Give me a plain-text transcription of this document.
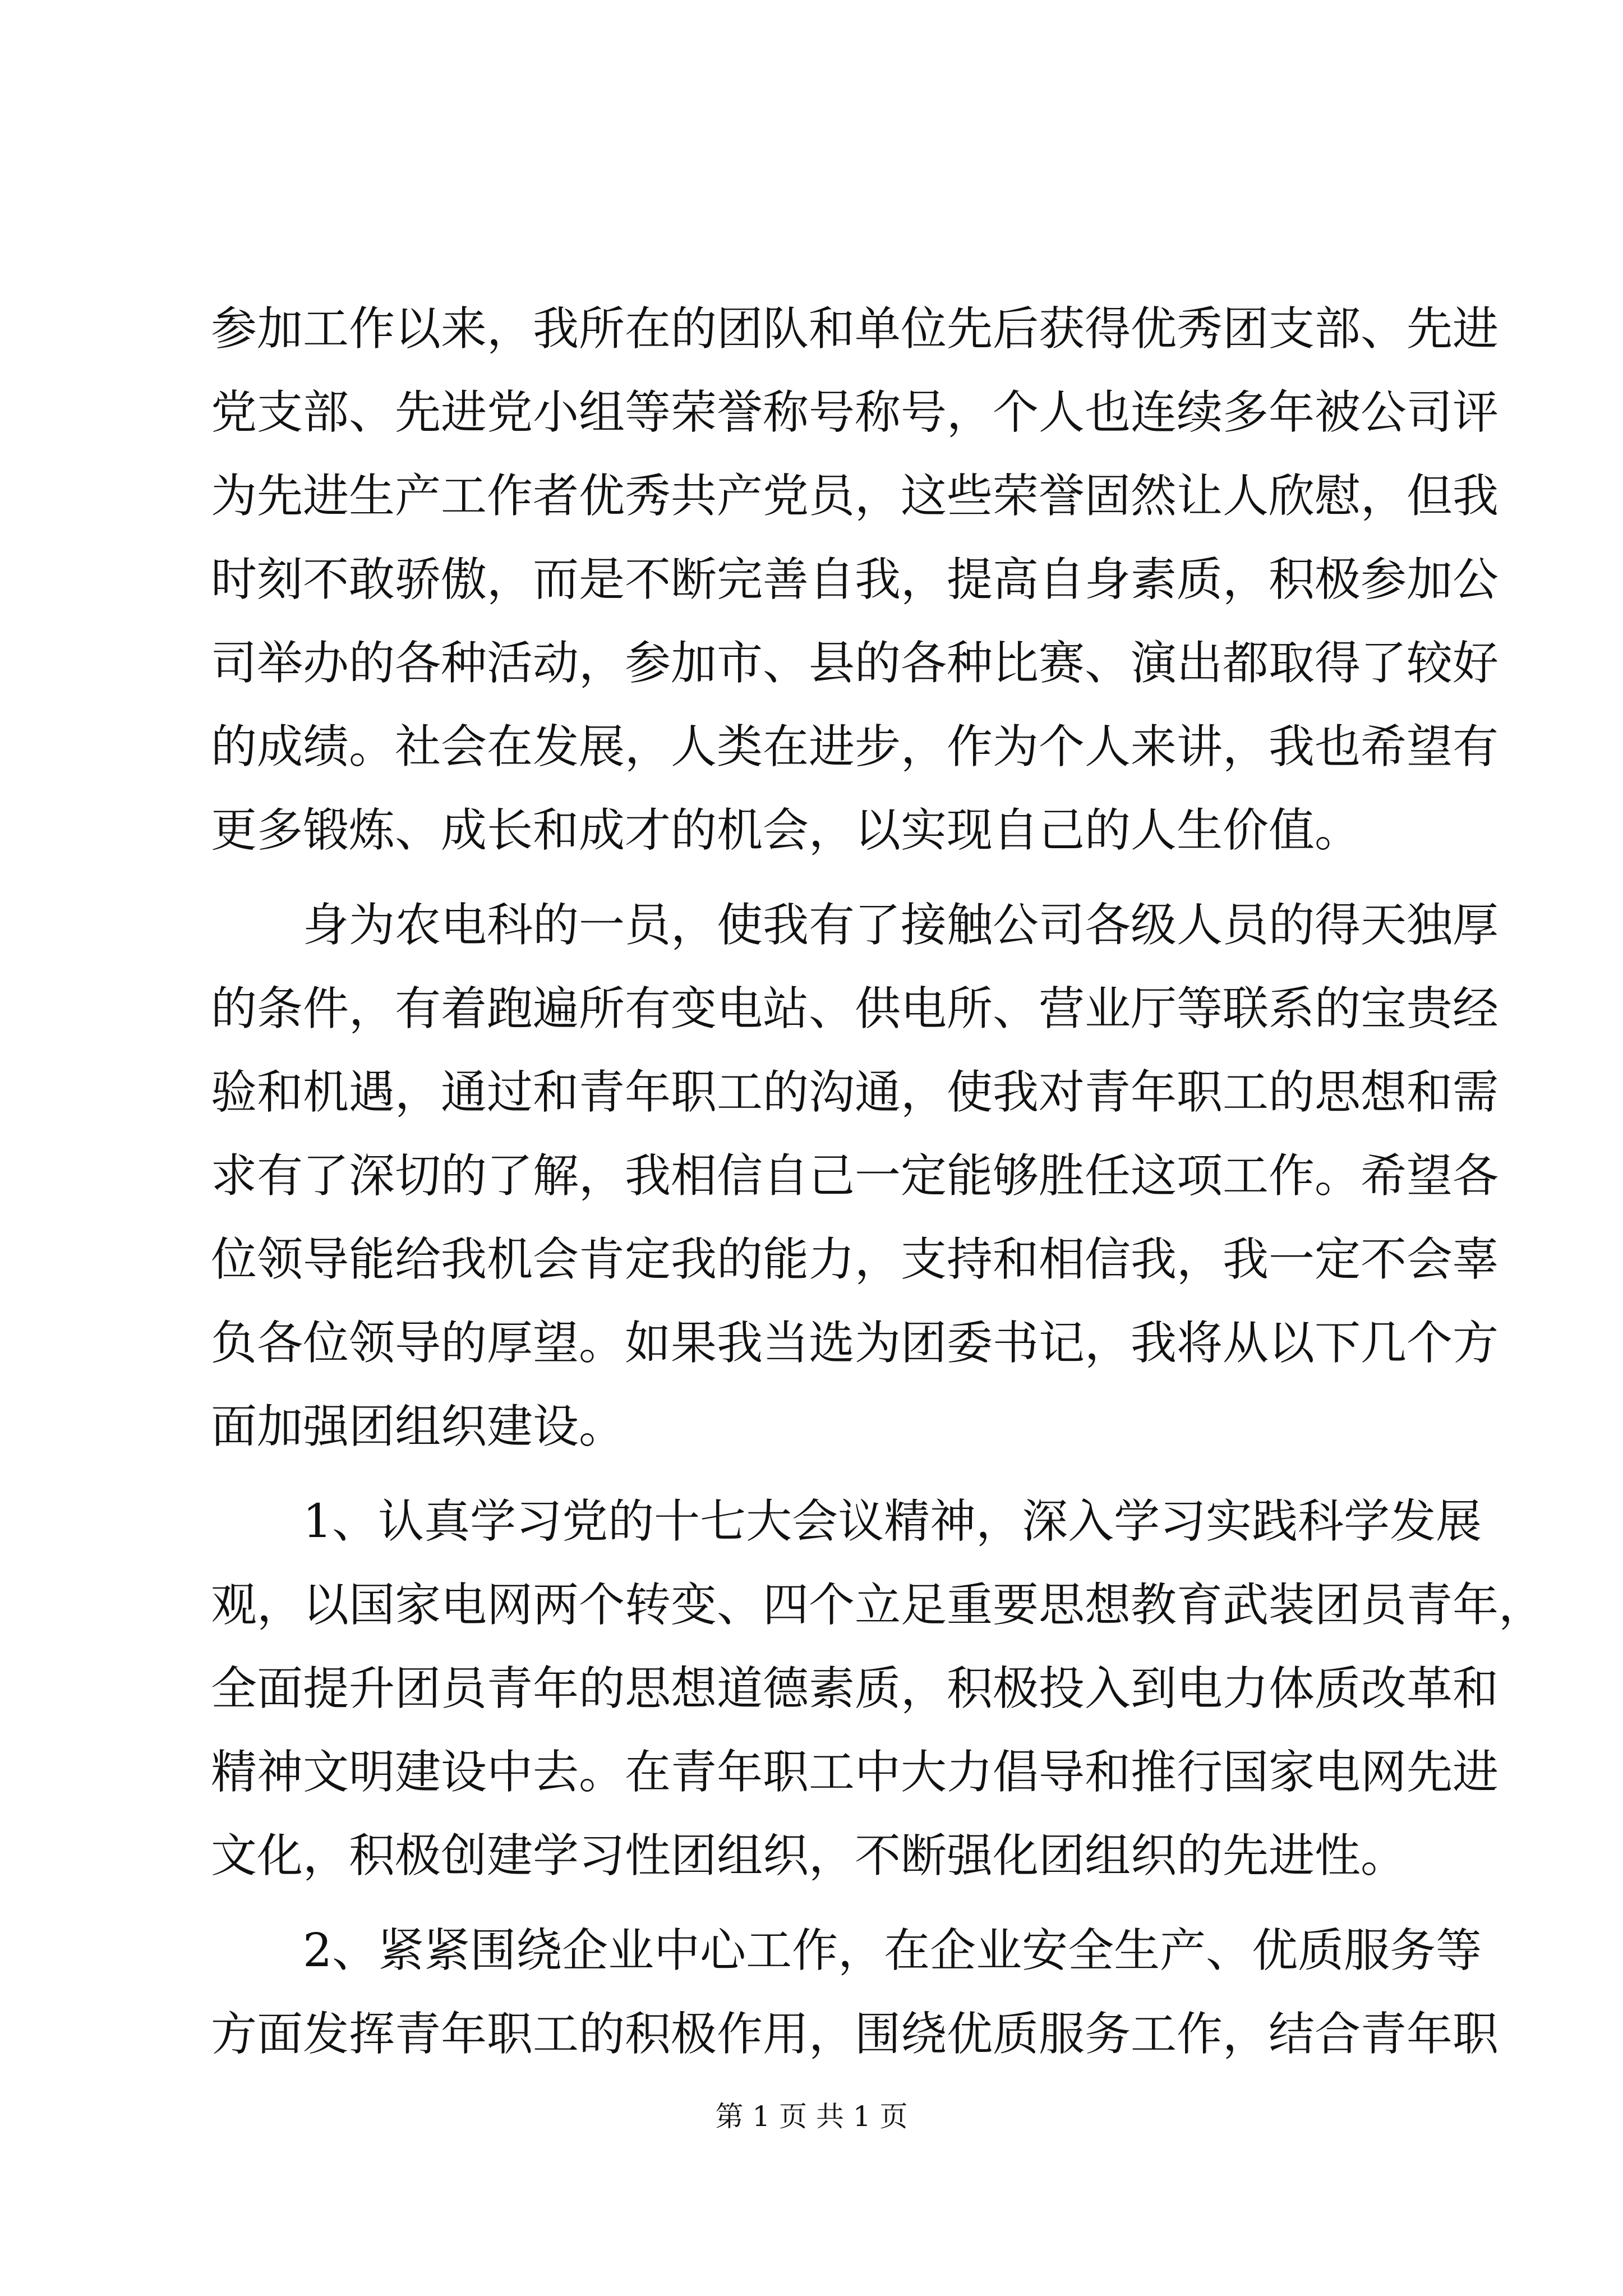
参加工作以来，我所在的团队和单位先后获得优秀团支部、先进
党支部、先进党小组等荣誉称号称号，个人也连续多年被公司评
为先进生产工作者优秀共产党员，这些荣誉固然让人欣慰，但我
时刻不敢骄傲，而是不断完善自我，提高自身素质，积极参加公
司举办的各种活动，参加市、县的各种比赛、演出都取得了较好
的成绩。社会在发展，人类在进步，作为个人来讲，我也希望有
更多锻炼、成长和成才的机会，以实现自己的人生价值。
　　身为农电科的一员，使我有了接触公司各级人员的得天独厚
的条件，有着跑遍所有变电站、供电所、营业厅等联系的宝贵经
验和机遇，通过和青年职工的沟通，使我对青年职工的思想和需
求有了深切的了解，我相信自己一定能够胜任这项工作。希望各
位领导能给我机会肯定我的能力，支持和相信我，我一定不会辜
负各位领导的厚望。如果我当选为团委书记，我将从以下几个方
面加强团组织建设。
　　1、认真学习党的十七大会议精神，深入学习实践科学发展
观，以国家电网两个转变、四个立足重要思想教育武装团员青年，
全面提升团员青年的思想道德素质，积极投入到电力体质改革和
精神文明建设中去。在青年职工中大力倡导和推行国家电网先进
文化，积极创建学习性团组织，不断强化团组织的先进性。
　　2、紧紧围绕企业中心工作，在企业安全生产、优质服务等
方面发挥青年职工的积极作用，围绕优质服务工作，结合青年职
第 1 页 共 1 页
